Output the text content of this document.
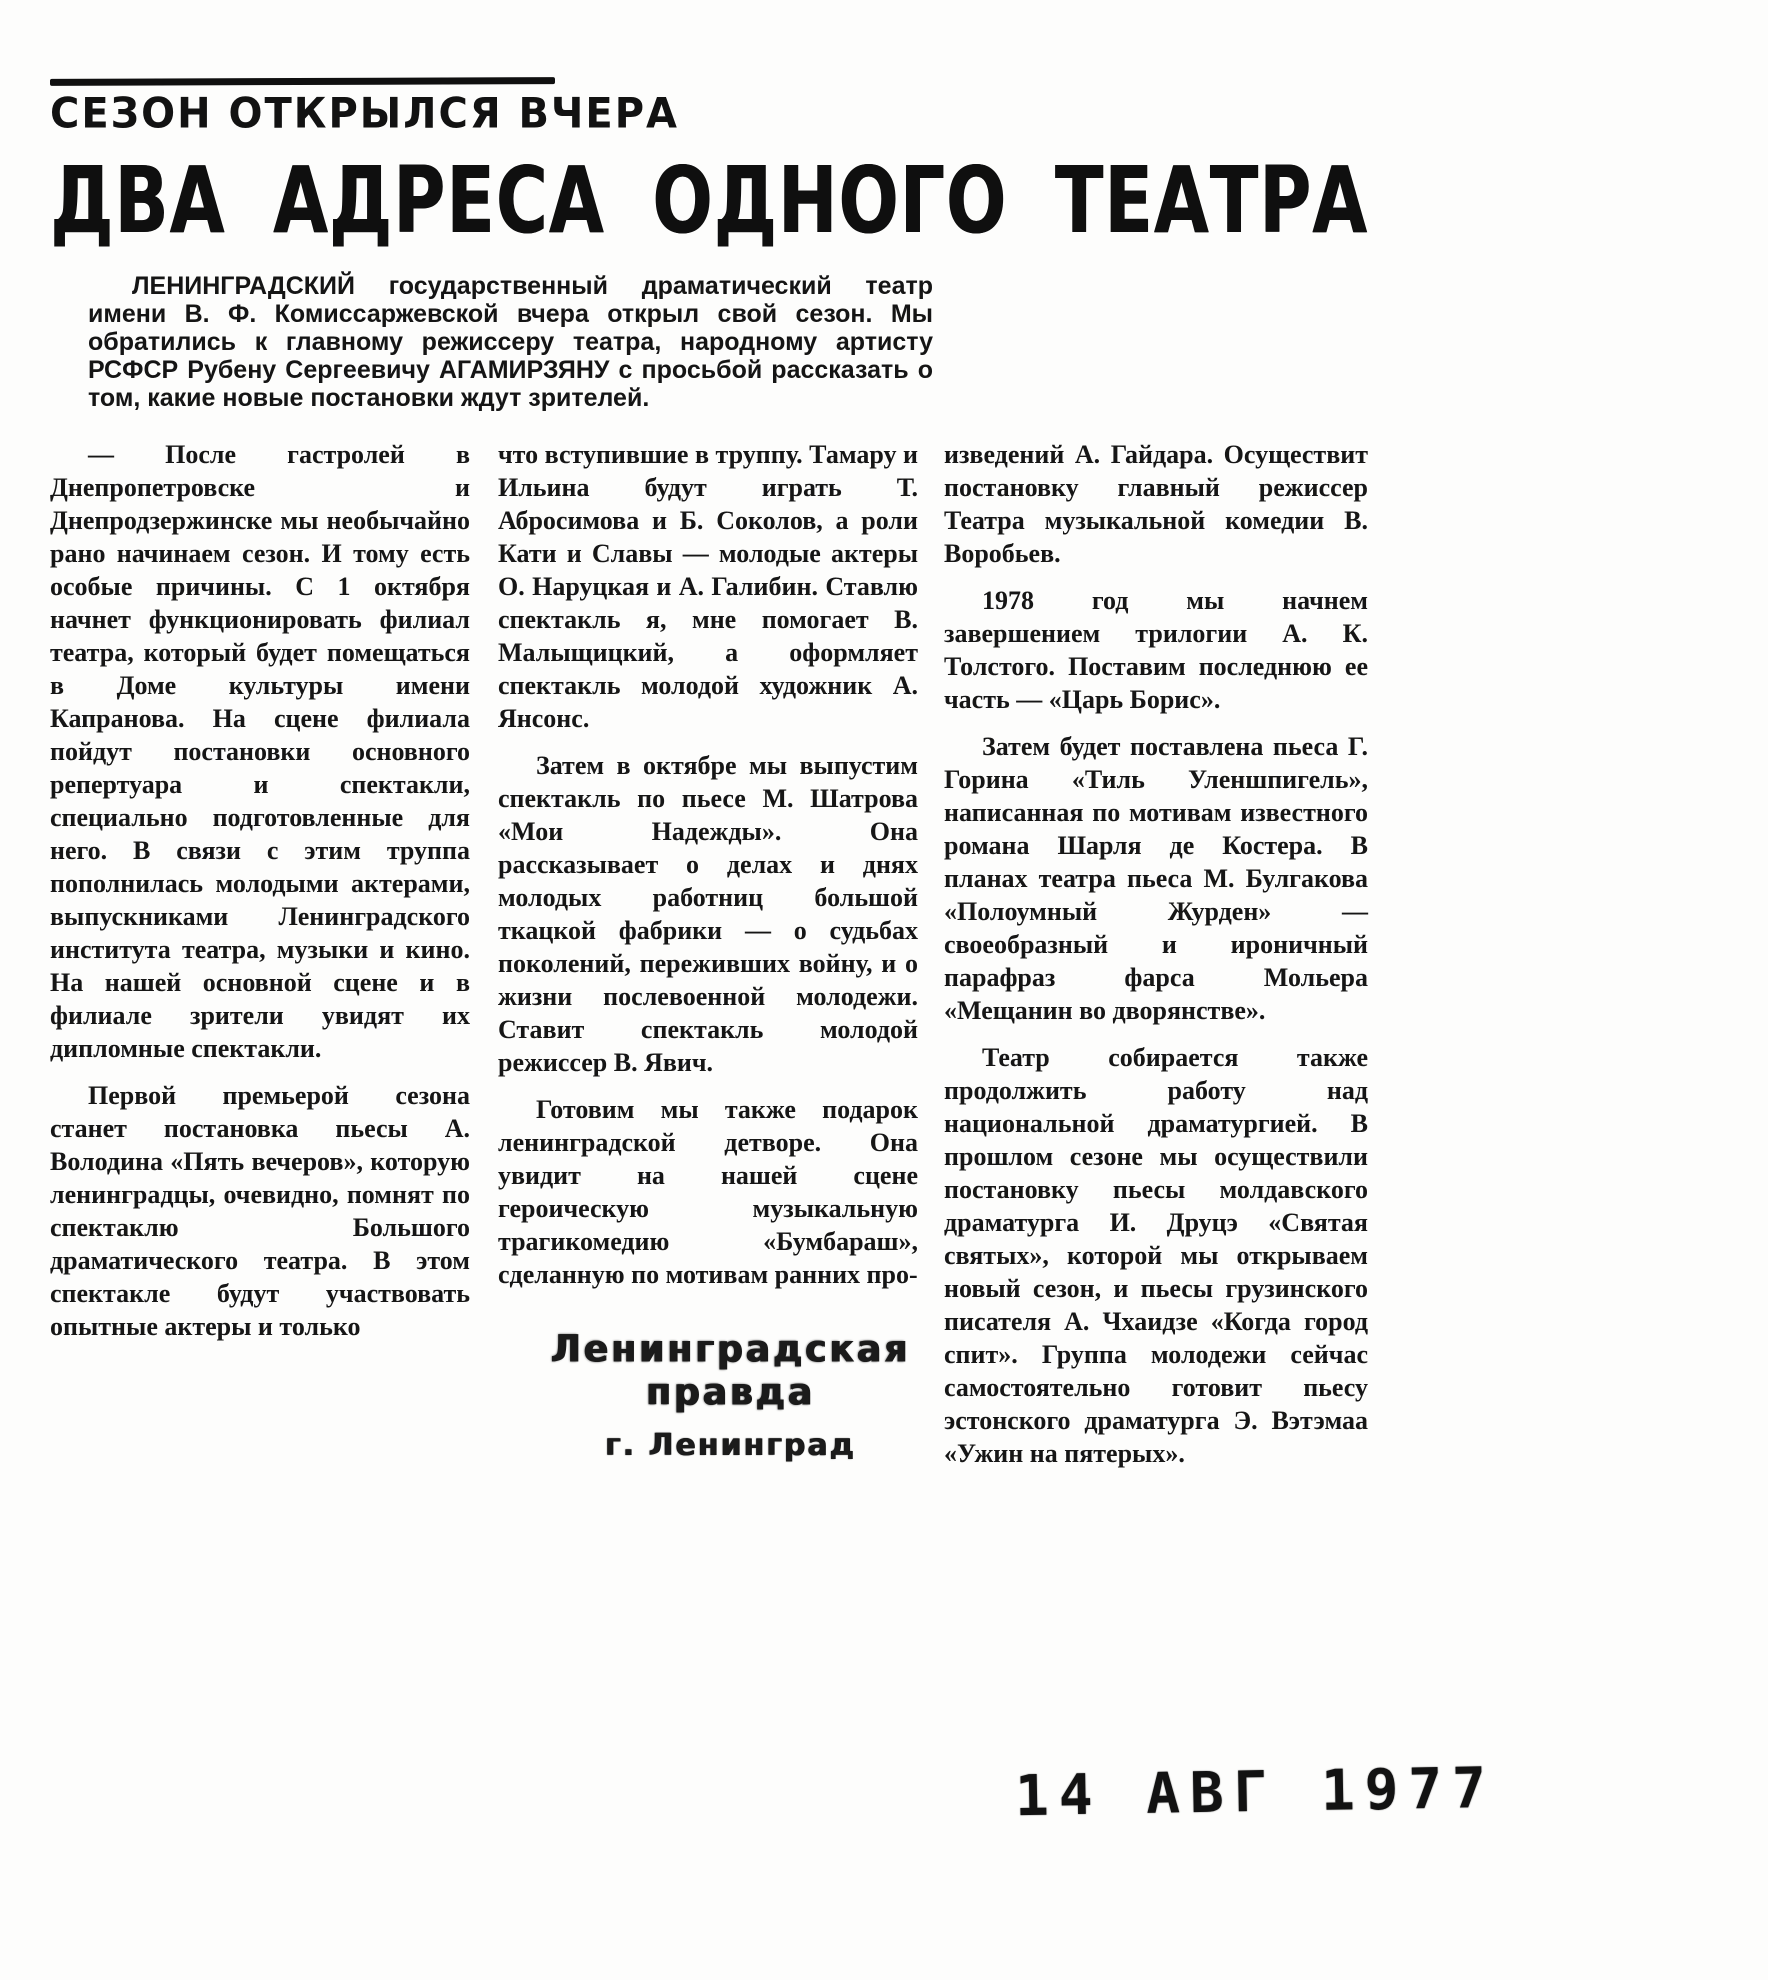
СЕЗОН ОТКРЫЛСЯ ВЧЕРА
ДВА АДРЕСА ОДНОГО ТЕАТРА

ЛЕНИНГРАДСКИЙ государственный драматический театр имени В. Ф. Комиссаржевской вчера открыл свой сезон. Мы обратились к главному режиссеру театра, народному артисту РСФСР Рубену Сергеевичу АГАМИРЗЯНУ с просьбой рассказать о том, какие новые постановки ждут зрителей.

— После гастролей в Днепропетровске и Днепродзержинске мы необычайно рано начинаем сезон. И тому есть особые причины. С 1 октября начнет функционировать филиал театра, который будет помещаться в Доме культуры имени Капранова. На сцене филиала пойдут постановки основного репертуара и спектакли, специально подготовленные для него. В связи с этим труппа пополнилась молодыми актерами, выпускниками Ленинградского института театра, музыки и кино. На нашей основной сцене и в филиале зрители увидят их дипломные спектакли.

Первой премьерой сезона станет постановка пьесы А. Володина «Пять вечеров», которую ленинградцы, очевидно, помнят по спектаклю Большого драматического театра. В этом спектакле будут участвовать опытные актеры и только

что вступившие в труппу. Тамару и Ильина будут играть Т. Абросимова и Б. Соколов, а роли Кати и Славы — молодые актеры О. Наруцкая и А. Галибин. Ставлю спектакль я, мне помогает В. Малыщицкий, а оформляет спектакль молодой художник А. Янсонс.

Затем в октябре мы выпустим спектакль по пьесе М. Шатрова «Мои Надежды». Она рассказывает о делах и днях молодых работниц большой ткацкой фабрики — о судьбах поколений, переживших войну, и о жизни послевоенной молодежи. Ставит спектакль молодой режиссер В. Явич.

Готовим мы также подарок ленинградской детворе. Она увидит на нашей сцене героическую музыкальную трагикомедию «Бумбараш», сделанную по мотивам ранних про-

изведений А. Гайдара. Осуществит постановку главный режиссер Театра музыкальной комедии В. Воробьев.

1978 год мы начнем завершением трилогии А. К. Толстого. Поставим последнюю ее часть — «Царь Борис».

Затем будет поставлена пьеса Г. Горина «Тиль Уленшпигель», написанная по мотивам известного романа Шарля де Костера. В планах театра пьеса М. Булгакова «Полоумный Журден» — своеобразный и ироничный парафраз фарса Мольера «Мещанин во дворянстве».

Театр собирается также продолжить работу над национальной драматургией. В прошлом сезоне мы осуществили постановку пьесы молдавского драматурга И. Друцэ «Святая святых», которой мы открываем новый сезон, и пьесы грузинского писателя А. Чхаидзе «Когда город спит». Группа молодежи сейчас самостоятельно готовит пьесу эстонского драматурга Э. Вэтэмаа «Ужин на пятерых».

Ленинградская правда
г. Ленинград
14 АВГ 1977
